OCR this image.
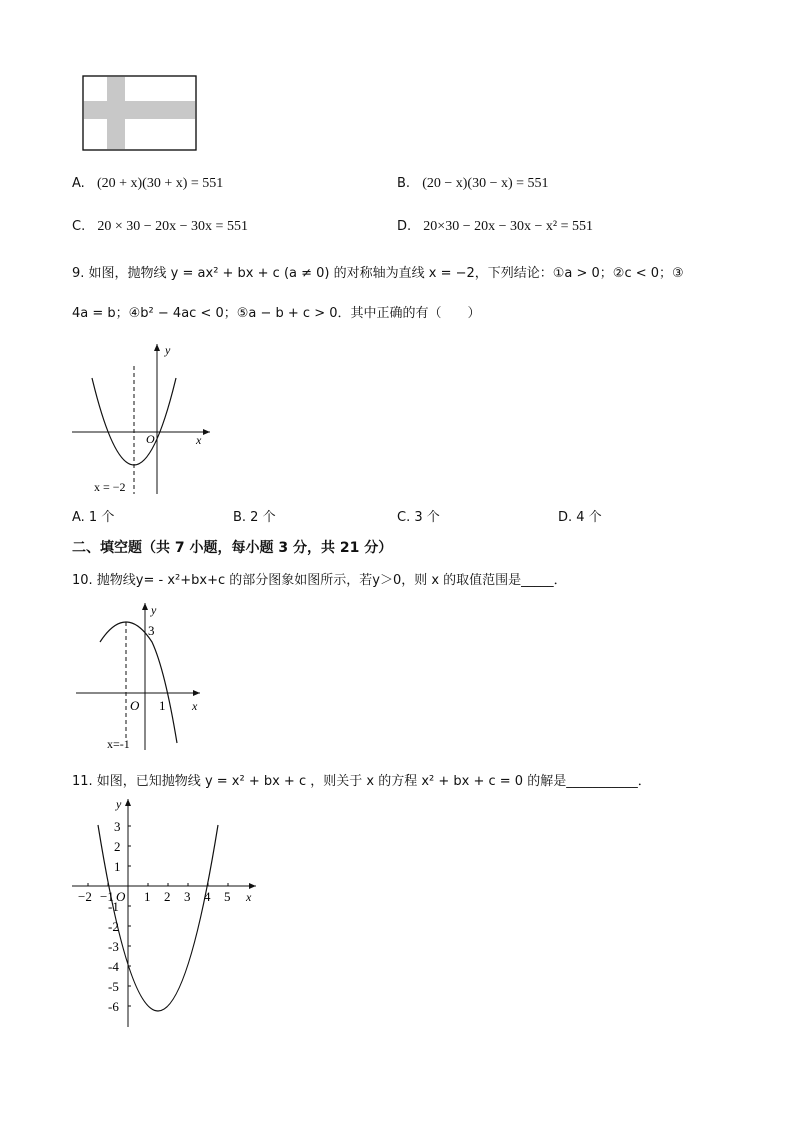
A. (20 + x)(30 + x) = 551	B. (20 − x)(30 − x) = 551
C. 20 × 30 − 20x − 30x = 551	D. 20×30 − 20x − 30x − x² = 551
9. 如图，抛物线 y = ax² + bx + c (a ≠ 0) 的对称轴为直线 x = −2，下列结论：①a > 0；②c < 0；③
4a = b；④b² − 4ac < 0；⑤a − b + c > 0．其中正确的有（　　）
y
x
O
x = −2
A. 1 个	B. 2 个	C. 3 个	D. 4 个
二、填空题（共 7 小题，每小题 3 分，共 21 分）
10. 抛物线y= - x²+bx+c 的部分图象如图所示，若y＞0，则 x 的取值范围是_____．
y
x
O
3
1
x=-1
11. 如图，已知抛物线 y = x² + bx + c ，则关于 x 的方程 x² + bx + c = 0 的解是___________．
y
x
O
−2 −1 1 2 3 4 5
3
2
1
-1
-2
-3
-4
-5
-6
